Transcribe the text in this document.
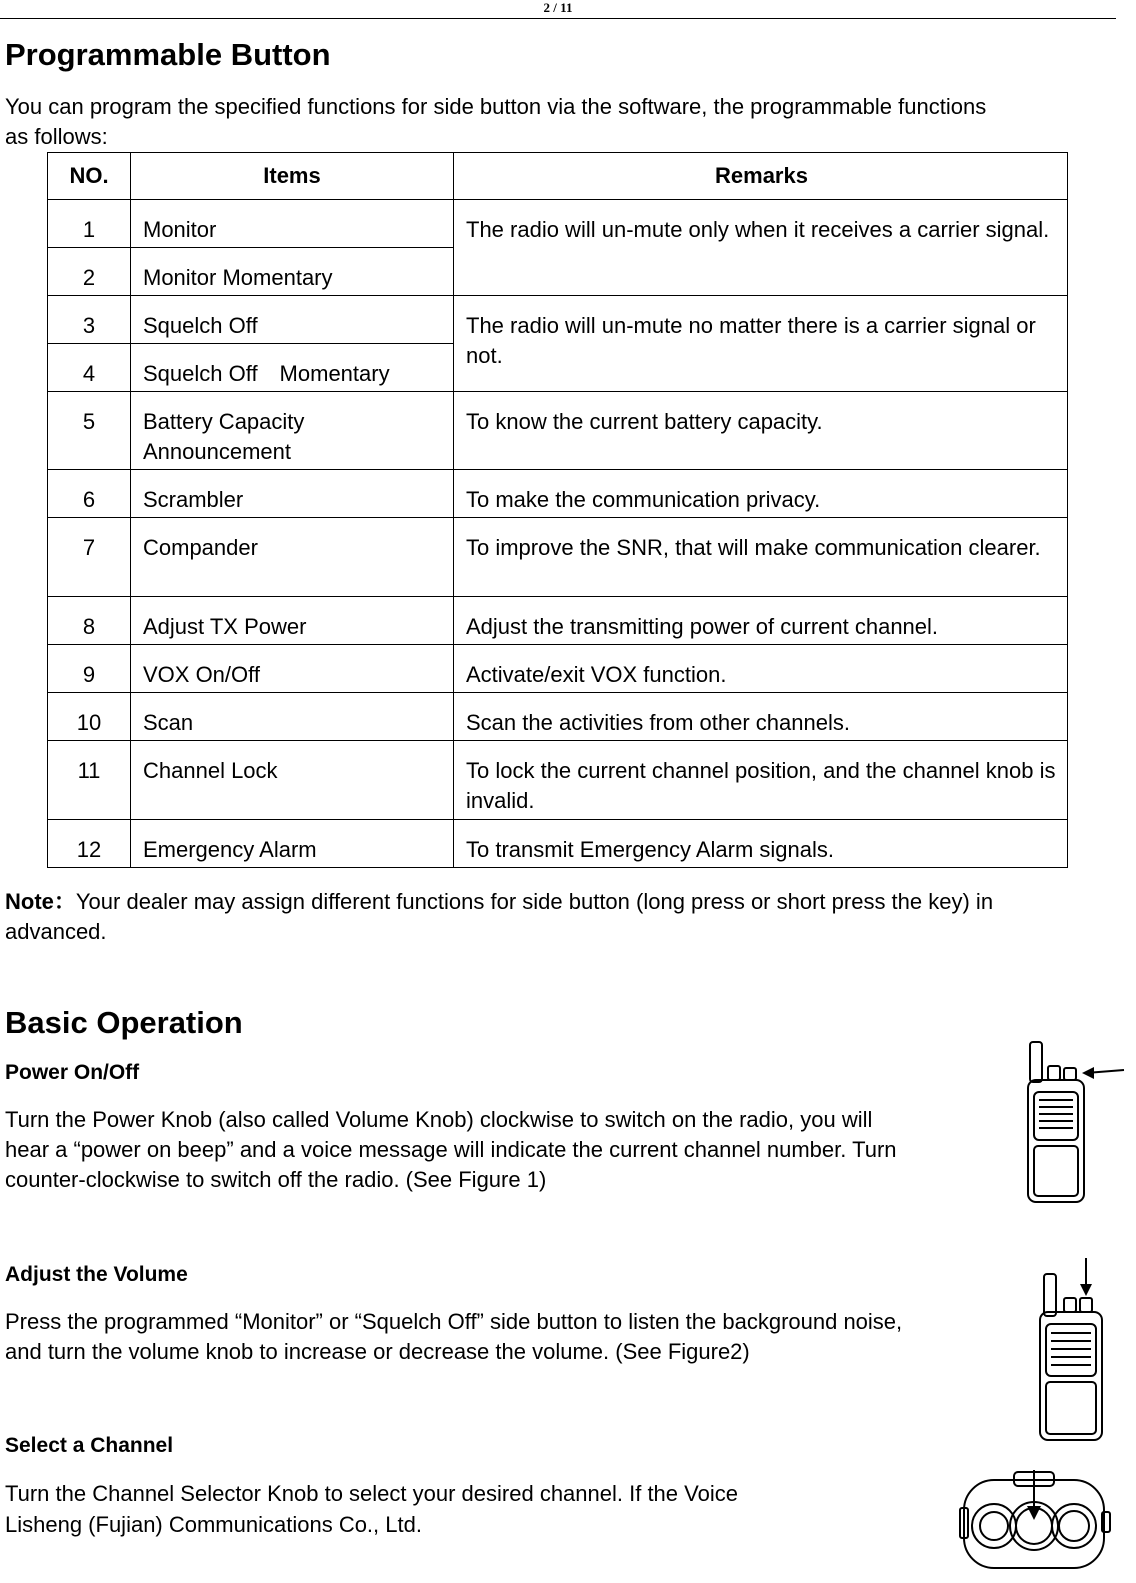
2 / 11
Programmable Button

You can program the specified functions for side button via the software, the programmable functions

as follows:

NO.	Items	Remarks

1	Monitor	The radio will un-mute only when it receives a carrier signal.

2	Monitor Momentary	

3	Squelch Off	The radio will un-mute no matter there is a carrier signal or not.

4	Squelch Off　Momentary	

5	Battery Capacity Announcement	To know the current battery capacity.

6	Scrambler	To make the communication privacy.

7	Compander	To improve the SNR, that will make communication clearer.

8	Adjust TX Power	Adjust the transmitting power of current channel.

9	VOX On/Off	Activate/exit VOX function.

10	Scan	Scan the activities from other channels.

11	Channel Lock	To lock the current channel position, and the channel knob is invalid.

12	Emergency Alarm	To transmit Emergency Alarm signals.

Note：Your dealer may assign different functions for side button (long press or short press the key) in

advanced.

Basic Operation
Power On/Off

Turn the Power Knob (also called Volume Knob) clockwise to switch on the radio, you will

hear a “power on beep” and a voice message will indicate the current channel number. Turn

counter-clockwise to switch off the radio. (See Figure 1)

Adjust the Volume

Press the programmed “Monitor” or “Squelch Off” side button to listen the background noise,

and turn the volume knob to increase or decrease the volume. (See Figure2)

Select a Channel

Turn the Channel Selector Knob to select your desired channel. If the Voice

Lisheng (Fujian) Communications Co., Ltd.
